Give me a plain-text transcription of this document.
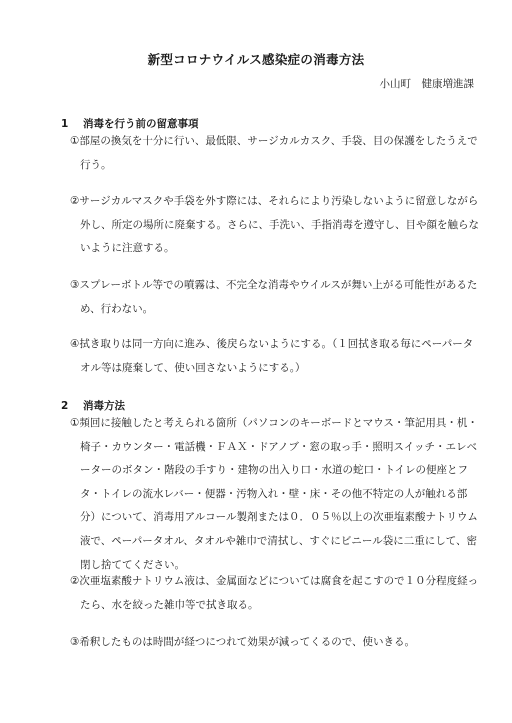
新型コロナウイルス感染症の消毒方法
小山町　健康増進課
1 消毒を行う前の留意事項
①部屋の換気を十分に行い、最低限、サージカルカスク、手袋、目の保護をしたうえで行う。
②サージカルマスクや手袋を外す際には、それらにより汚染しないように留意しながら外し、所定の場所に廃棄する。さらに、手洗い、手指消毒を遵守し、目や顔を触らないように注意する。
③スプレーボトル等での噴霧は、不完全な消毒やウイルスが舞い上がる可能性があるため、行わない。
④拭き取りは同一方向に進み、後戻らないようにする。（１回拭き取る毎にペーパータオル等は廃棄して、使い回さないようにする。）
2 消毒方法
①頻回に接触したと考えられる箇所（パソコンのキーボードとマウス・筆記用具・机・椅子・カウンター・電話機・ＦＡＸ・ドアノブ・窓の取っ手・照明スイッチ・エレベーターのボタン・階段の手すり・建物の出入り口・水道の蛇口・トイレの便座とフタ・トイレの流水レバー・便器・汚物入れ・壁・床・その他不特定の人が触れる部分）について、消毒用アルコール製剤または０．０５％以上の次亜塩素酸ナトリウム液で、ペーパータオル、タオルや雑巾で清拭し、すぐにビニール袋に二重にして、密閉し捨ててください。
②次亜塩素酸ナトリウム液は、金属面などについては腐食を起こすので１０分程度経ったら、水を絞った雑巾等で拭き取る。
③希釈したものは時間が経つにつれて効果が減ってくるので、使いきる。
